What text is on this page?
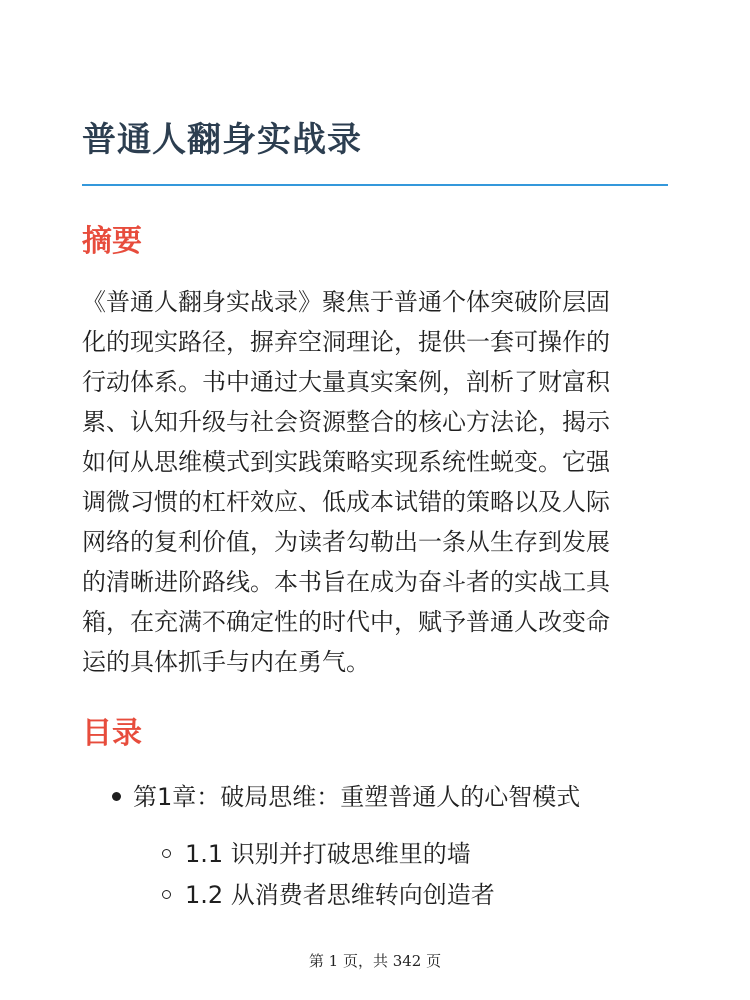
普通人翻身实战录
摘要

《普通人翻身实战录》聚焦于普通个体突破阶层固
化的现实路径，摒弃空洞理论，提供一套可操作的
行动体系。书中通过大量真实案例，剖析了财富积
累、认知升级与社会资源整合的核心方法论，揭示
如何从思维模式到实践策略实现系统性蜕变。它强
调微习惯的杠杆效应、低成本试错的策略以及人际
网络的复利价值，为读者勾勒出一条从生存到发展
的清晰进阶路线。本书旨在成为奋斗者的实战工具
箱，在充满不确定性的时代中，赋予普通人改变命
运的具体抓手与内在勇气。

目录
第1章：破局思维：重塑普通人的心智模式
1.1 识别并打破思维里的墙
1.2 从消费者思维转向创造者
第 1 页，共 342 页
